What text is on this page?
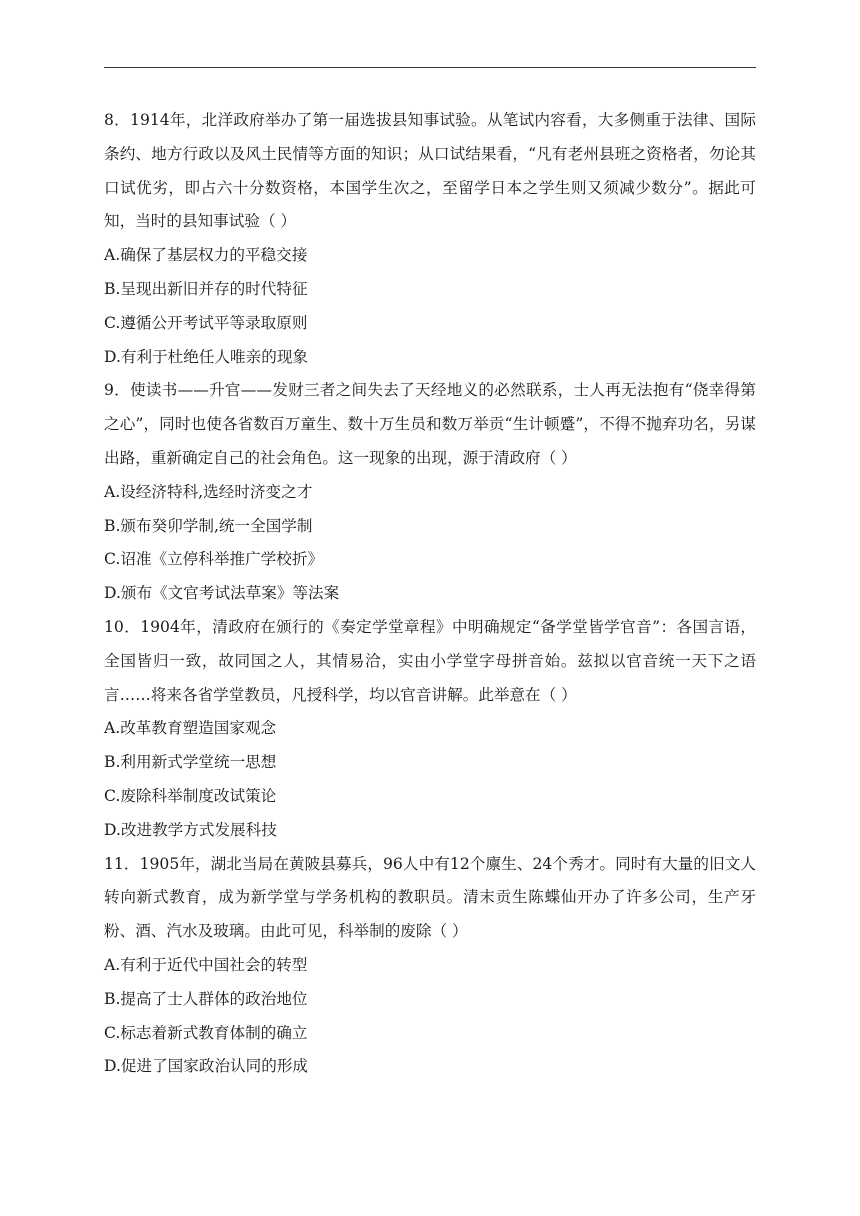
8．1914年，北洋政府举办了第一届选拔县知事试验。从笔试内容看，大多侧重于法律、国际条约、地方行政以及风土民情等方面的知识；从口试结果看，“凡有老州县班之资格者，勿论其口试优劣，即占六十分数资格，本国学生次之，至留学日本之学生则又须减少数分”。据此可知，当时的县知事试验（ ）

A.确保了基层权力的平稳交接

B.呈现出新旧并存的时代特征

C.遵循公开考试平等录取原则

D.有利于杜绝任人唯亲的现象

9．使读书——升官——发财三者之间失去了天经地义的必然联系，士人再无法抱有“侥幸得第之心”，同时也使各省数百万童生、数十万生员和数万举贡“生计顿蹙”，不得不抛弃功名，另谋出路，重新确定自己的社会角色。这一现象的出现，源于清政府（ ）

A.设经济特科,选经时济变之才

B.颁布癸卯学制,统一全国学制

C.诏准《立停科举推广学校折》

D.颁布《文官考试法草案》等法案

10．1904年，清政府在颁行的《奏定学堂章程》中明确规定“备学堂皆学官音”：各国言语，全国皆归一致，故同国之人，其情易洽，实由小学堂字母拼音始。兹拟以官音统一天下之语言……将来各省学堂教员，凡授科学，均以官音讲解。此举意在（ ）

A.改革教育塑造国家观念

B.利用新式学堂统一思想

C.废除科举制度改试策论

D.改进教学方式发展科技

11．1905年，湖北当局在黄陂县募兵，96人中有12个廪生、24个秀才。同时有大量的旧文人转向新式教育，成为新学堂与学务机构的教职员。清末贡生陈蝶仙开办了许多公司，生产牙粉、酒、汽水及玻璃。由此可见，科举制的废除（ ）

A.有利于近代中国社会的转型

B.提高了士人群体的政治地位

C.标志着新式教育体制的确立

D.促进了国家政治认同的形成
